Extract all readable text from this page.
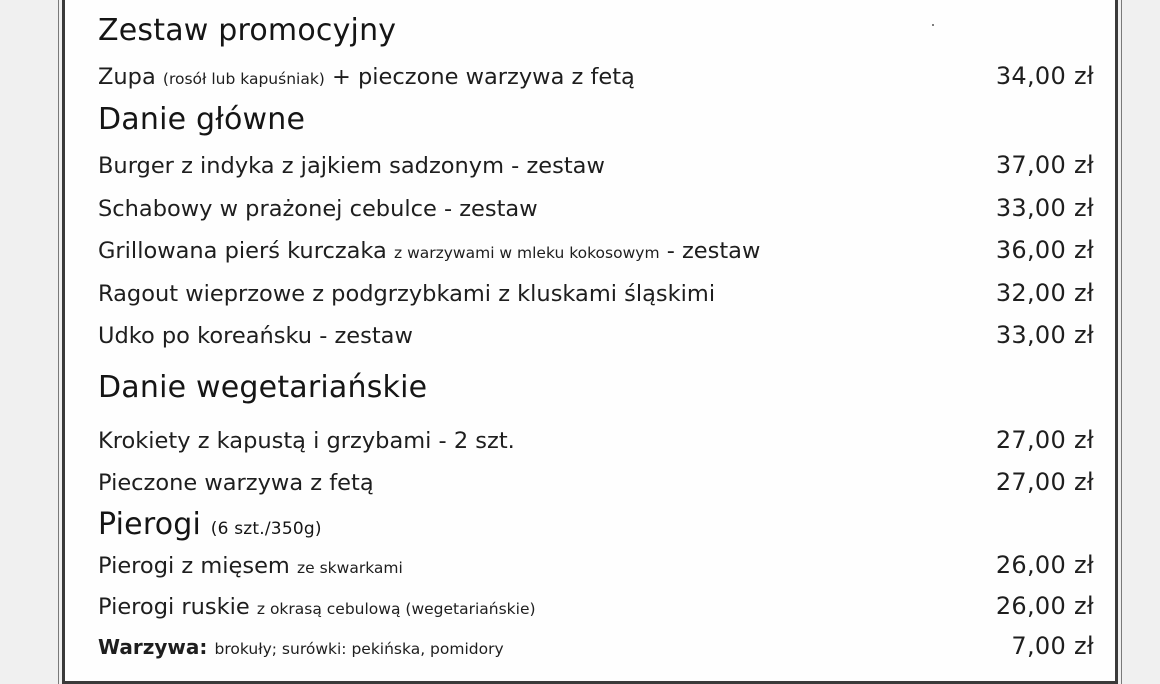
Zestaw promocyjny
Zupa (rosół lub kapuśniak) + pieczone warzywa z fetą	34,00 zł
Danie główne
Burger z indyka z jajkiem sadzonym - zestaw	37,00 zł
Schabowy w prażonej cebulce - zestaw	33,00 zł
Grillowana pierś kurczaka z warzywami w mleku kokosowym - zestaw	36,00 zł
Ragout wieprzowe z podgrzybkami z kluskami śląskimi	32,00 zł
Udko po koreańsku - zestaw	33,00 zł
Danie wegetariańskie
Krokiety z kapustą i grzybami - 2 szt.	27,00 zł
Pieczone warzywa z fetą	27,00 zł
Pierogi (6 szt./350g)
Pierogi z mięsem ze skwarkami	26,00 zł
Pierogi ruskie z okrasą cebulową (wegetariańskie)	26,00 zł
Warzywa: brokuły; surówki: pekińska, pomidory	7,00 zł
